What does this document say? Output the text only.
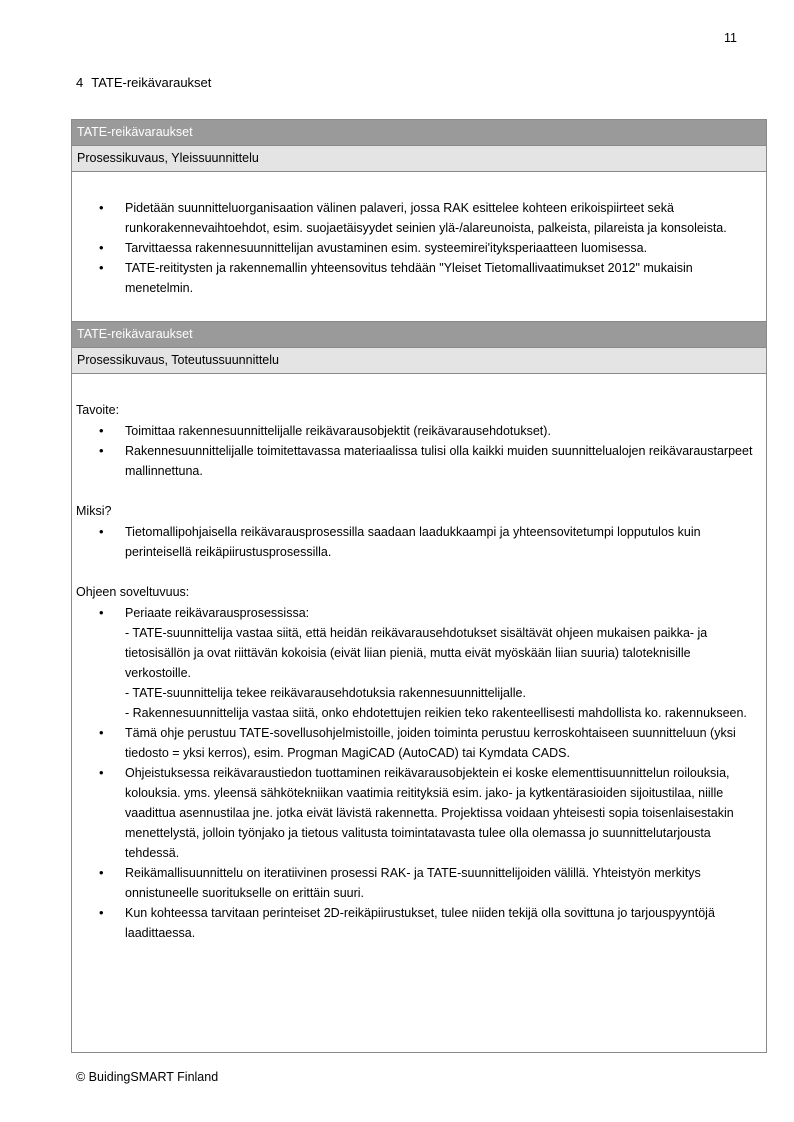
11
4 TATE-reikävaraukset
TATE-reikävaraukset
Prosessikuvaus, Yleissuunnittelu
• Pidetään suunnitteluorganisaation välinen palaveri, jossa RAK esittelee kohteen erikoispiirteet sekä runkorakennevaihtoehdot, esim. suojaetäisyydet seinien ylä-/alareunoista, palkeista, pilareista ja konsoleista.
• Tarvittaessa rakennesuunnittelijan avustaminen esim. systeemirei'ityksperiaatteen luomisessa.
• TATE-reititysten ja rakennemallin yhteensovitus tehdään "Yleiset Tietomallivaatimukset 2012" mukaisin menetelmin.
TATE-reikävaraukset
Prosessikuvaus, Toteutussuunnittelu
Tavoite:
• Toimittaa rakennesuunnittelijalle reikävarausobjektit (reikävarausehdotukset).
• Rakennesuunnittelijalle toimitettavassa materiaalissa tulisi olla kaikki muiden suunnittelualojen reikävaraustarpeet mallinnettuna.
Miksi?
• Tietomallipohjaisella reikävarausprosessilla saadaan laadukkaampi ja yhteensovitetumpi lopputulos kuin perinteisellä reikäpiirustusprosessilla.
Ohjeen soveltuvuus:
• Periaate reikävarausprosessissa:
- TATE-suunnittelija vastaa siitä, että heidän reikävarausehdotukset sisältävät ohjeen mukaisen paikka- ja tietosisällön ja ovat riittävän kokoisia (eivät liian pieniä, mutta eivät myöskään liian suuria) taloteknisille verkostoille.
- TATE-suunnittelija tekee reikävarausehdotuksia rakennesuunnittelijalle.
- Rakennesuunnittelija vastaa siitä, onko ehdotettujen reikien teko rakenteellisesti mahdollista ko. rakennukseen.
• Tämä ohje perustuu TATE-sovellusohjelmistoille, joiden toiminta perustuu kerroskohtaiseen suunnitteluun (yksi tiedosto = yksi kerros), esim. Progman MagiCAD (AutoCAD) tai Kymdata CADS.
• Ohjeistuksessa reikävaraustiedon tuottaminen reikävarausobjektein ei koske elementtisuunnittelun roilouksia, kolouksia. yms. yleensä sähkötekniikan vaatimia reitityksiä esim. jako- ja kytkentärasioiden sijoitustilaa, niille vaadittua asennustilaa jne. jotka eivät lävistä rakennetta. Projektissa voidaan yhteisesti sopia toisenlaisestakin menettelystä, jolloin työnjako ja tietous valitusta toimintatavasta tulee olla olemassa jo suunnittelutarjousta tehdessä.
• Reikämallisuunnittelu on iteratiivinen prosessi RAK- ja TATE-suunnittelijoiden välillä. Yhteistyön merkitys onnistuneelle suoritukselle on erittäin suuri.
• Kun kohteessa tarvitaan perinteiset 2D-reikäpiirustukset, tulee niiden tekijä olla sovittuna jo tarjouspyyntöjä laadittaessa.
© BuidingSMART Finland
